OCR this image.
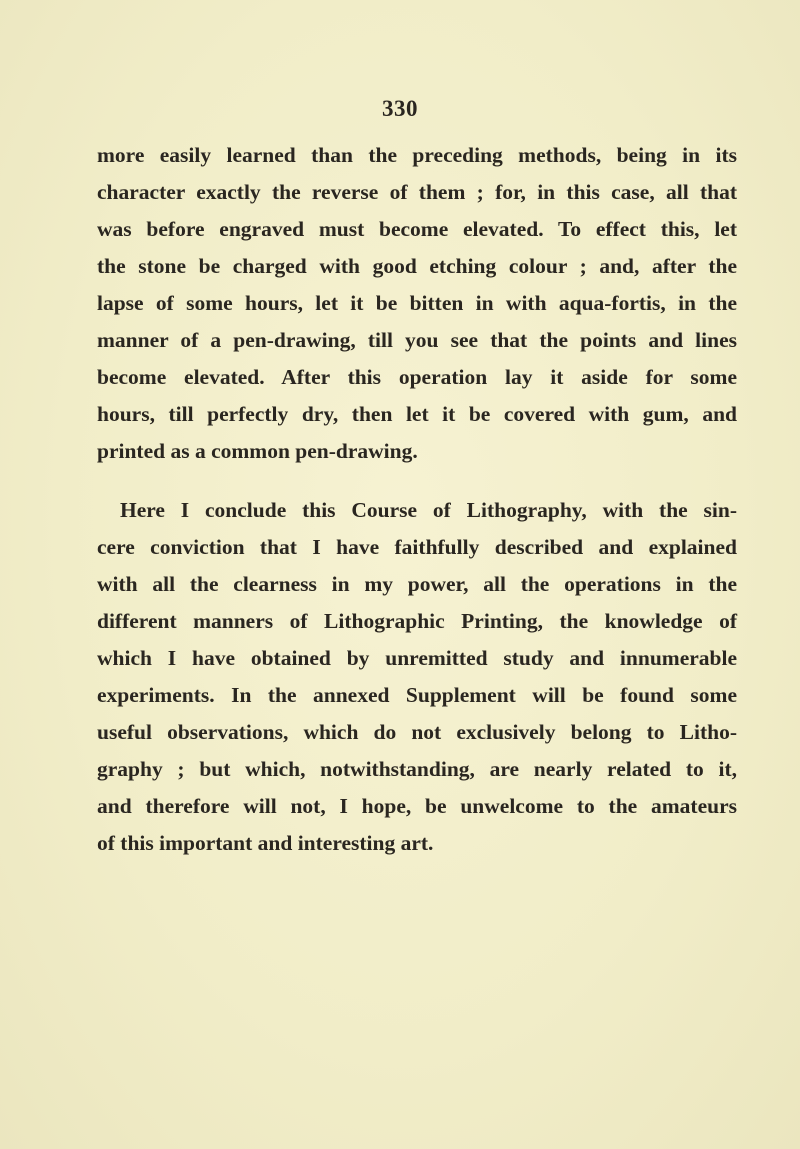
330
more easily learned than the preceding methods, being in its
character exactly the reverse of them ; for, in this case, all that
was before engraved must become elevated. To effect this, let
the stone be charged with good etching colour ; and, after the
lapse of some hours, let it be bitten in with aqua-fortis, in the
manner of a pen-drawing, till you see that the points and lines
become elevated. After this operation lay it aside for some
hours, till perfectly dry, then let it be covered with gum, and
printed as a common pen-drawing.
Here I conclude this Course of Lithography, with the sin-
cere conviction that I have faithfully described and explained
with all the clearness in my power, all the operations in the
different manners of Lithographic Printing, the knowledge of
which I have obtained by unremitted study and innumerable
experiments. In the annexed Supplement will be found some
useful observations, which do not exclusively belong to Litho-
graphy ; but which, notwithstanding, are nearly related to it,
and therefore will not, I hope, be unwelcome to the amateurs
of this important and interesting art.
